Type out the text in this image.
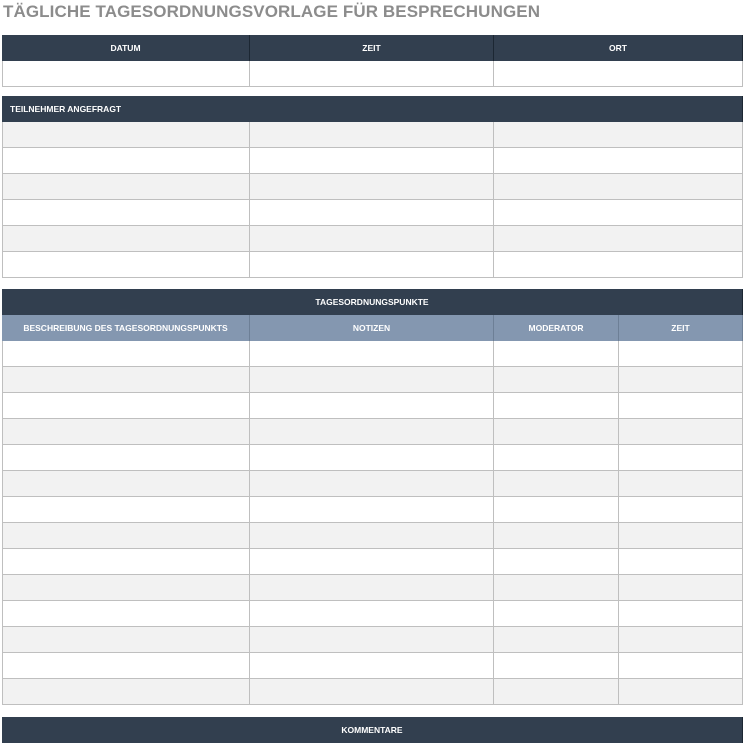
TÄGLICHE TAGESORDNUNGSVORLAGE FÜR BESPRECHUNGEN
DATUM	ZEIT	ORT
TEILNEHMER ANGEFRAGT
TAGESORDNUNGSPUNKTE
BESCHREIBUNG DES TAGESORDNUNGSPUNKTS	NOTIZEN	MODERATOR	ZEIT
KOMMENTARE
